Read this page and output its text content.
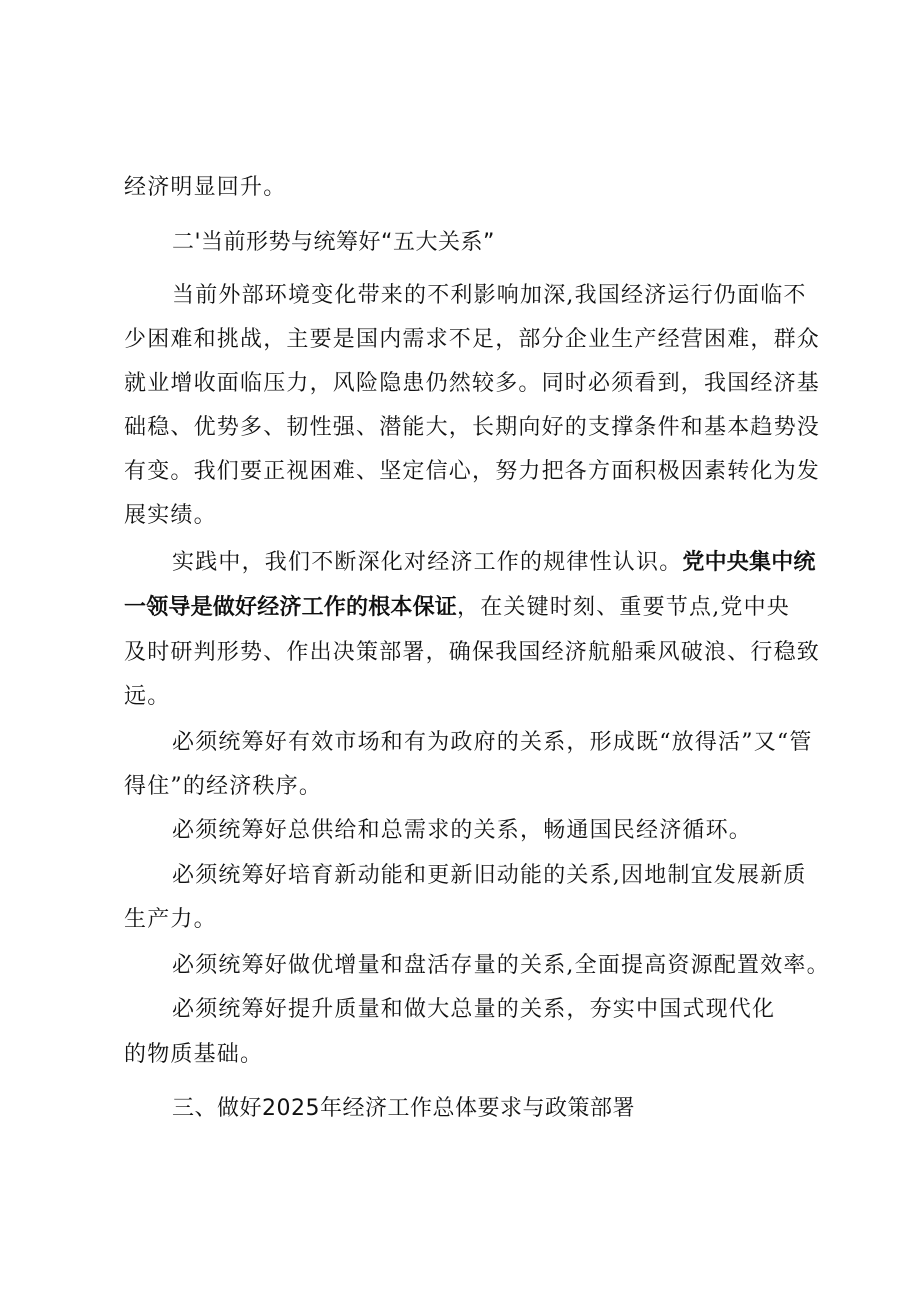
经济明显回升。
二'当前形势与统筹好“五大关系”
当前外部环境变化带来的不利影响加深,我国经济运行仍面临不
少困难和挑战，主要是国内需求不足，部分企业生产经营困难，群众
就业增收面临压力，风险隐患仍然较多。同时必须看到，我国经济基
础稳、优势多、韧性强、潜能大，长期向好的支撑条件和基本趋势没
有变。我们要正视困难、坚定信心，努力把各方面积极因素转化为发
展实绩。
实践中，我们不断深化对经济工作的规律性认识。党中央集中统
一领导是做好经济工作的根本保证，在关键时刻、重要节点,党中央
及时研判形势、作出决策部署，确保我国经济航船乘风破浪、行稳致
远。
必须统筹好有效市场和有为政府的关系，形成既“放得活”又“管
得住”的经济秩序。
必须统筹好总供给和总需求的关系，畅通国民经济循环。
必须统筹好培育新动能和更新旧动能的关系,因地制宜发展新质
生产力。
必须统筹好做优增量和盘活存量的关系,全面提高资源配置效率。
必须统筹好提升质量和做大总量的关系，夯实中国式现代化
的物质基础。
三、做好2025年经济工作总体要求与政策部署
